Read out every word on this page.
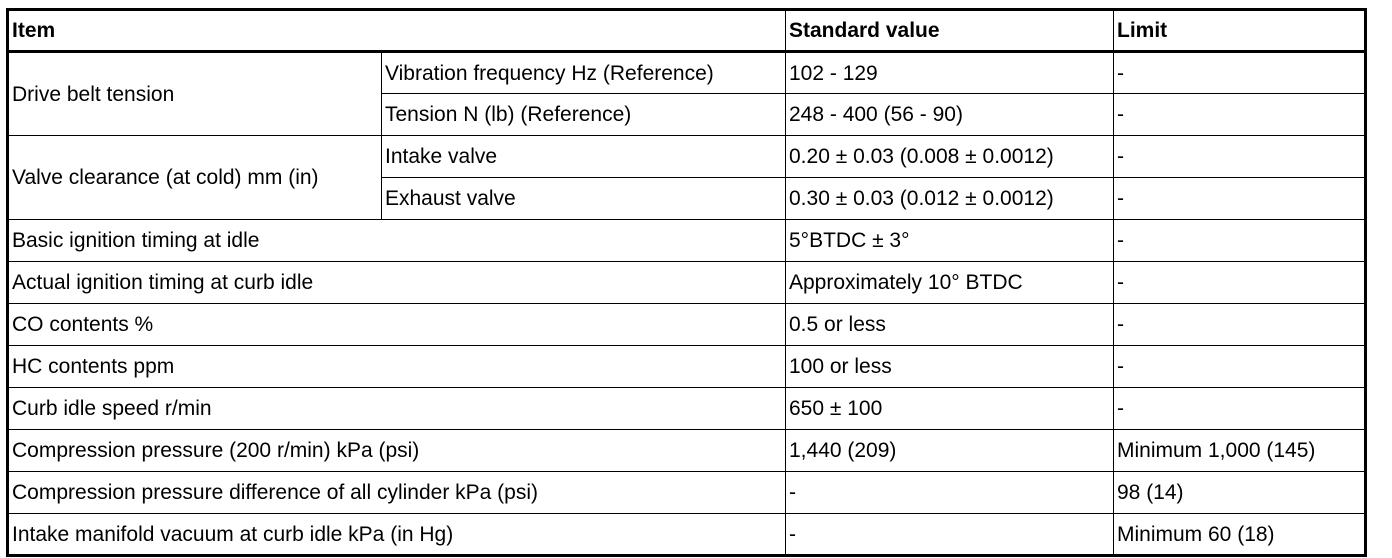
Item		Standard value	Limit
Drive belt tension	Vibration frequency Hz (Reference)	102 - 129	-
	Tension N (lb) (Reference)	248 - 400 (56 - 90)	-
Valve clearance (at cold) mm (in)	Intake valve	0.20 ± 0.03 (0.008 ± 0.0012)	-
	Exhaust valve	0.30 ± 0.03 (0.012 ± 0.0012)	-
Basic ignition timing at idle		5°BTDC ± 3°	-
Actual ignition timing at curb idle		Approximately 10° BTDC	-
CO contents %		0.5 or less	-
HC contents ppm		100 or less	-
Curb idle speed r/min		650 ± 100	-
Compression pressure (200 r/min) kPa (psi)		1,440 (209)	Minimum 1,000 (145)
Compression pressure difference of all cylinder kPa (psi)		-	98 (14)
Intake manifold vacuum at curb idle kPa (in Hg)		-	Minimum 60 (18)
